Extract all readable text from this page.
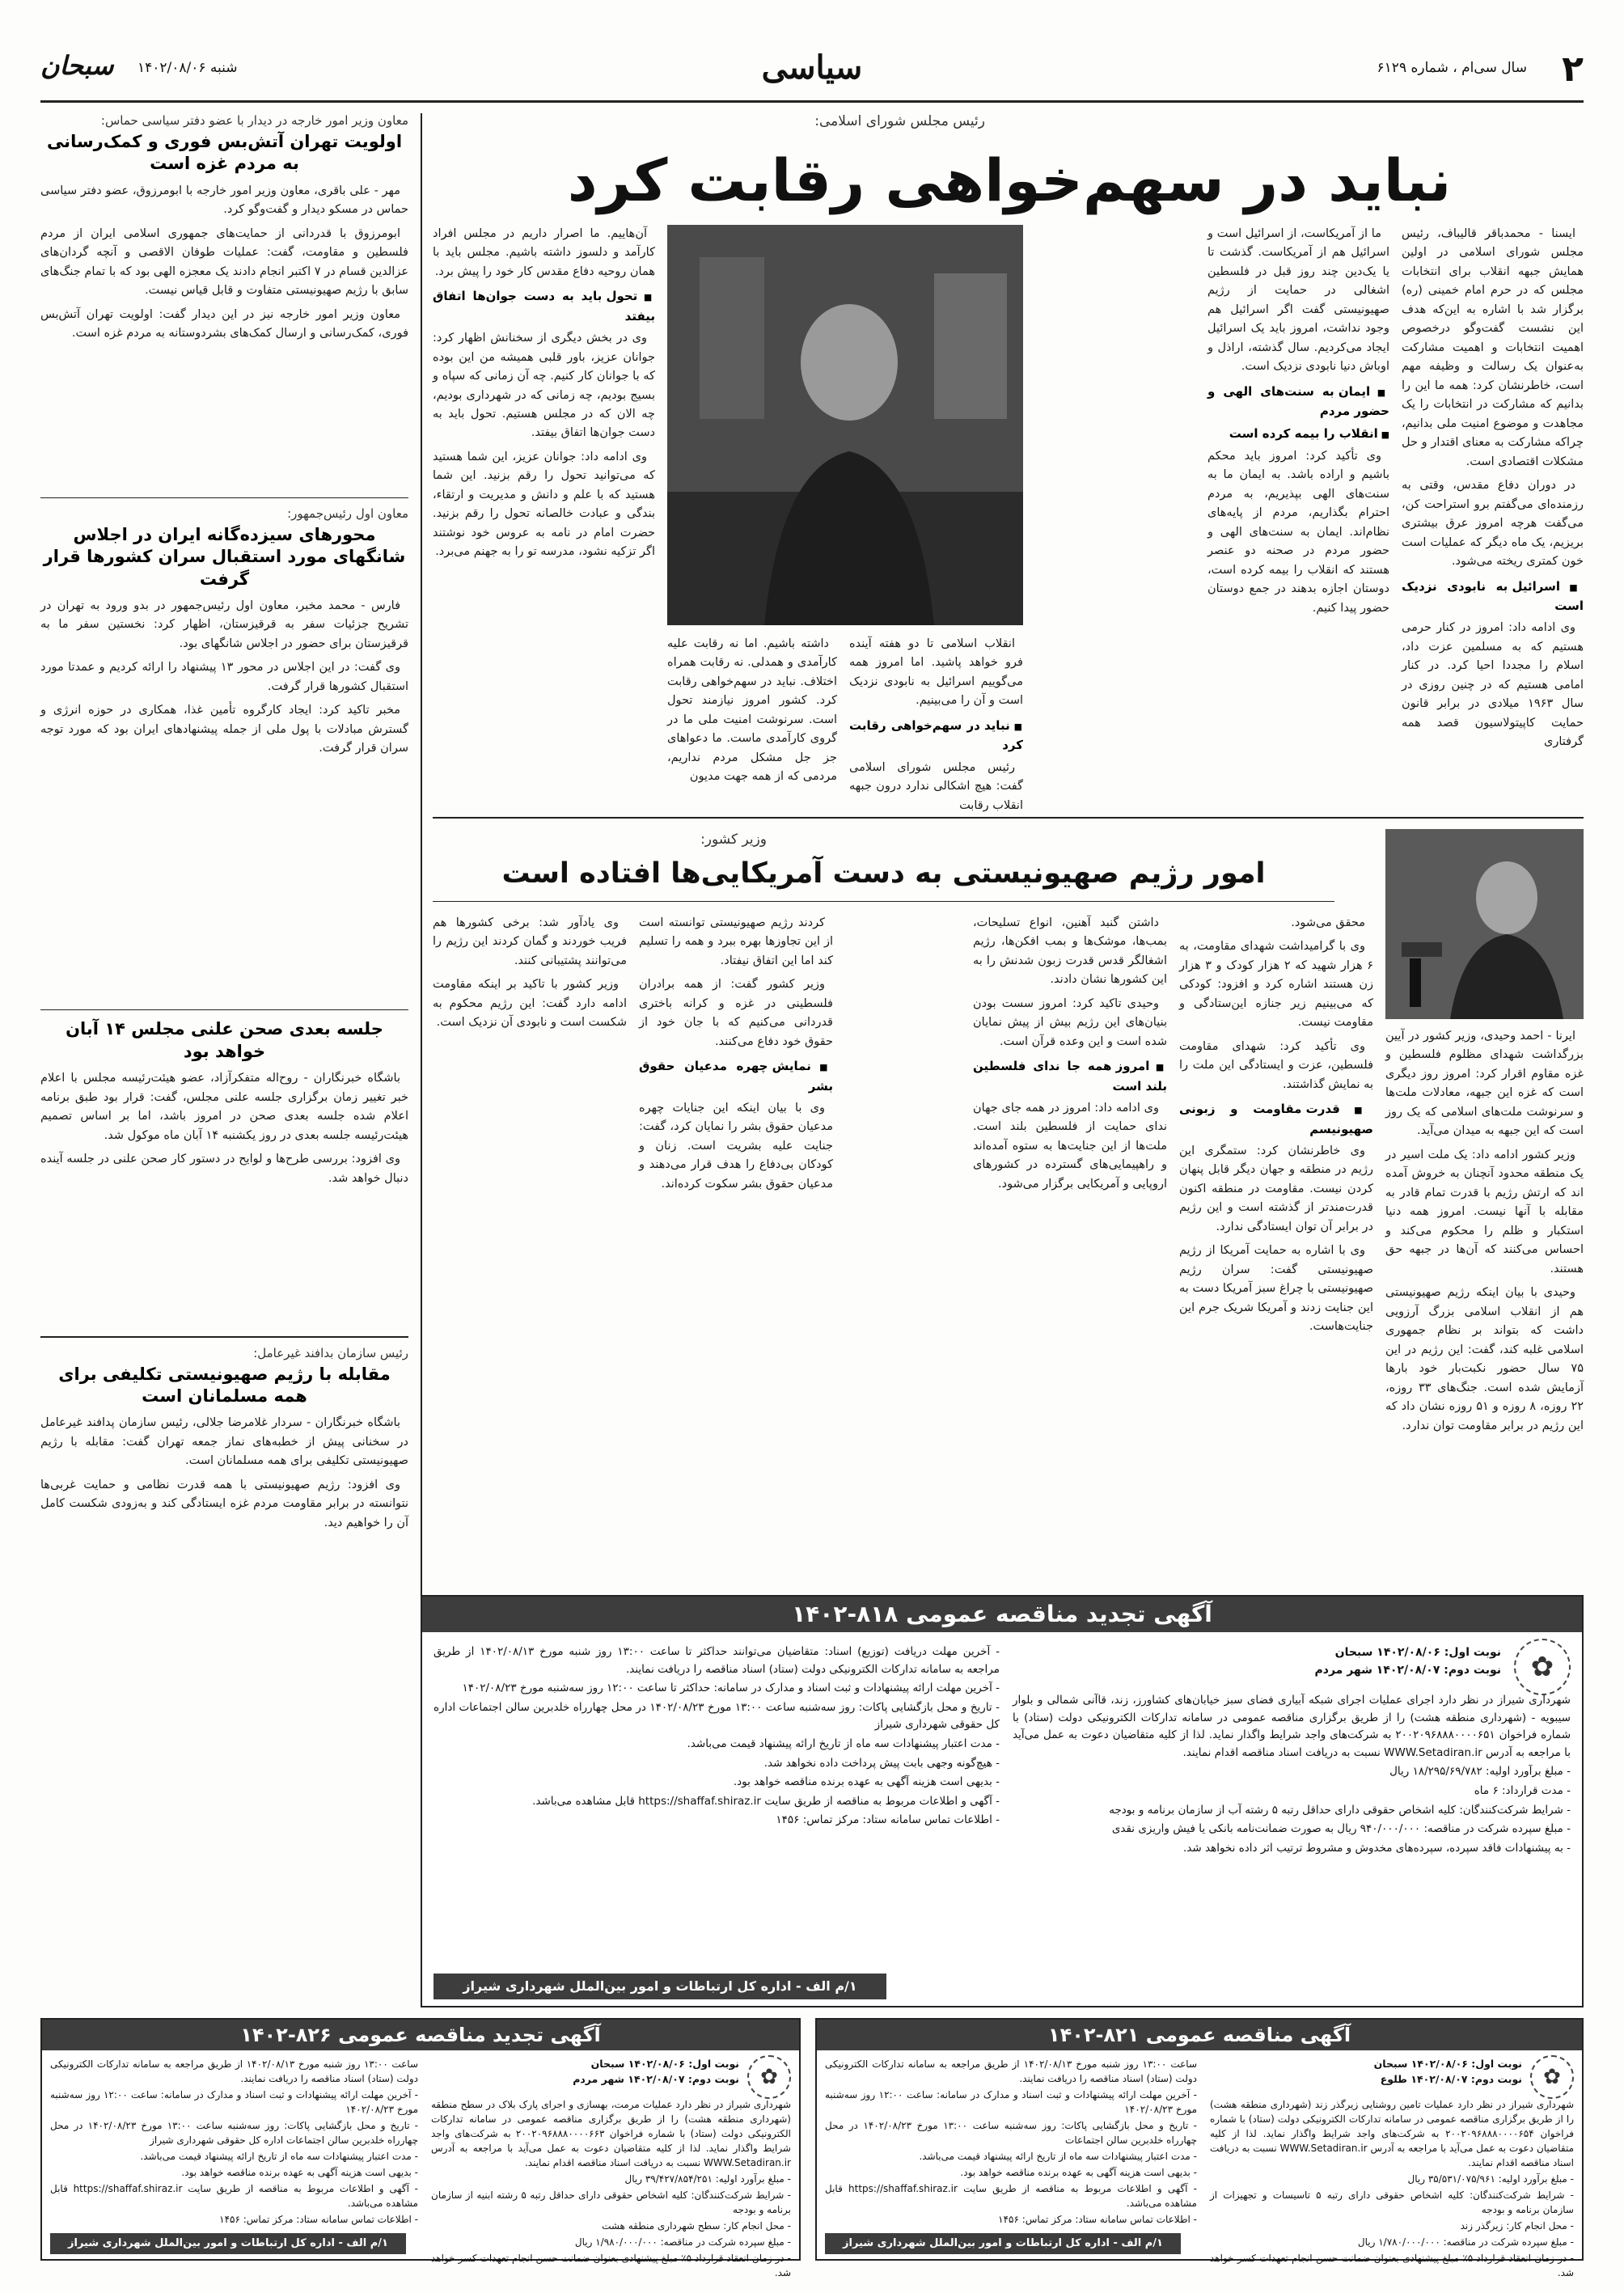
۲
سال سی‌ام ، شماره ۶۱۲۹
سیاسی
شنبه ۱۴۰۲/۰۸/۰۶
سبحان
رئیس مجلس شورای اسلامی:
نباید در سهم‌خواهی رقابت کرد

ایسنا - محمدباقر قالیباف، رئیس مجلس شورای اسلامی در اولین همایش جبهه انقلاب برای انتخابات مجلس که در حرم امام خمینی (ره) برگزار شد با اشاره به این‌که هدف این نشست گفت‌وگو درخصوص اهمیت انتخابات و اهمیت مشارکت به‌عنوان یک رسالت و وظیفه مهم است، خاطرنشان کرد: همه ما این را بدانیم که مشارکت در انتخابات را یک مجاهدت و موضوع امنیت ملی بدانیم، چراکه مشارکت به معنای اقتدار و حل مشکلات اقتصادی است.

در دوران دفاع مقدس، وقتی به رزمنده‌ای می‌گفتم برو استراحت کن، می‌گفت هرچه امروز عرق بیشتری بریزیم، یک ماه دیگر که عملیات است خون کمتری ریخته می‌شود.

■ اسرائیل به نابودی نزدیک است

وی ادامه داد: امروز در کنار حرمی هستیم که به مسلمین عزت داد، اسلام را مجددا احیا کرد. در کنار امامی هستیم که در چنین روزی در سال ۱۹۶۳ میلادی در برابر قانون حمایت کاپیتولاسیون قصد همه گرفتاری

ما از آمریکاست، از اسرائیل است و اسرائیل هم از آمریکاست. گذشت تا یا یک‌دین چند روز قبل در فلسطین اشغالی در حمایت از رژیم صهیونیستی گفت اگر اسرائیل هم وجود نداشت، امروز باید یک اسرائیل ایجاد می‌کردیم. سال گذشته، اراذل و اوباش دنیا نابودی نزدیک است.

■ ایمان به سنت‌های الهی و حضور مردم
■ انقلاب را بیمه کرده است

وی تأکید کرد: امروز باید محکم باشیم و اراده باشد. به ایمان ما به سنت‌های الهی بپذیریم، به مردم احترام بگذاریم، مردم از پایه‌های نظام‌اند. ایمان به سنت‌های الهی و حضور مردم در صحنه دو عنصر هستند که انقلاب را بیمه کرده است، دوستان اجازه بدهند در جمع دوستان حضور پیدا کنیم.

آن‌هاییم. ما اصرار داریم در مجلس افراد کارآمد و دلسوز داشته باشیم. مجلس باید با همان روحیه دفاع مقدس کار خود را پیش برد.

■ تحول باید به دست جوان‌ها اتفاق بیفتد

وی در بخش دیگری از سخنانش اظهار کرد: جوانان عزیز، باور قلبی همیشه من این بوده که با جوانان کار کنیم. چه آن زمانی که سپاه و بسیج بودیم، چه زمانی که در شهرداری بودیم، چه الان که در مجلس هستیم. تحول باید به دست جوان‌ها اتفاق بیفتد.

وی ادامه داد: جوانان عزیز، این شما هستید که می‌توانید تحول را رقم بزنید. این شما هستید که با علم و دانش و مدیریت و ارتقاء، بندگی و عبادت خالصانه تحول را رقم بزنید. حضرت امام در نامه به عروس خود نوشتند اگر تزکیه نشود، مدرسه تو را به جهنم می‌برد.

داشته باشیم. اما نه رقابت علیه کارآمدی و همدلی. نه رقابت همراه اختلاف. نباید در سهم‌خواهی رقابت کرد. کشور امروز نیازمند تحول است. سرنوشت امنیت ملی ما در گروی کارآمدی ماست. ما دعواهای جز جل مشکل مردم نداریم، مردمی که از همه جهت مدیون

انقلاب اسلامی تا دو هفته آینده فرو خواهد پاشید. اما امروز همه می‌گوییم اسرائیل به نابودی نزدیک است و آن را می‌بینیم.

■ نباید در سهم‌خواهی رقابت کرد

رئیس مجلس شورای اسلامی گفت: هیچ اشکالی ندارد درون جبهه انقلاب رقابت

وزیر کشور:
امور رژیم صهیونیستی به دست آمریکایی‌ها افتاده است

ایرنا - احمد وحیدی، وزیر کشور در آیین بزرگداشت شهدای مظلوم فلسطین و غزه مقاوم اقرار کرد: امروز روز دیگری است که غزه این جبهه، معادلات ملت‌ها و سرنوشت ملت‌های اسلامی که یک روز است که این جبهه به میدان می‌آید.

وزیر کشور ادامه داد: یک ملت اسیر در یک منطقه محدود آنچنان به خروش آمده اند که ارتش رژیم با قدرت تمام قادر به مقابله با آنها نیست. امروز همه دنیا استکبار و ظلم را محکوم می‌کند و احساس می‌کنند که آن‌ها در جبهه حق هستند.

وحیدی با بیان اینکه رژیم صهیونیستی هم از انقلاب اسلامی بزرگ آرزویی داشت که بتواند بر نظام جمهوری اسلامی غلبه کند، گفت: این رژیم در این ۷۵ سال حضور نکبت‌بار خود بارها آزمایش شده است. جنگ‌های ۳۳ روزه، ۲۲ روزه، ۸ روزه و ۵۱ روزه نشان داد که این رژیم در برابر مقاومت توان ندارد.

محقق می‌شود.

وی با گرامیداشت شهدای مقاومت، به ۶ هزار شهید که ۲ هزار کودک و ۳ هزار زن هستند اشاره کرد و افزود: کودکی که می‌بینیم زیر جنازه این‌ستادگی و مقاومت نیست.

وی تأکید کرد: شهدای مقاومت فلسطین، عزت و ایستادگی این ملت را به نمایش گذاشتند.

■ قدرت مقاومت و زبونی صهیونیسم

وی خاطرنشان کرد: ستمگری این رژیم در منطقه و جهان دیگر قابل پنهان کردن نیست. مقاومت در منطقه اکنون قدرت‌مندتر از گذشته است و این رژیم در برابر آن توان ایستادگی ندارد.

وی با اشاره به حمایت آمریکا از رژیم صهیونیستی گفت: سران رژیم صهیونیستی با چراغ سبز آمریکا دست به این جنایت زدند و آمریکا شریک جرم این جنایت‌هاست.

داشتن گنبد آهنین، انواع تسلیحات، بمب‌ها، موشک‌ها و بمب افکن‌ها، رژیم اشغالگر قدس قدرت زبون شدنش را به این کشورها نشان دادند.

وحیدی تاکید کرد: امروز سست بودن بنیان‌های این رژیم بیش از پیش نمایان شده است و این وعده قرآن است.

■ امروز همه جا ندای فلسطین بلند است

وی ادامه داد: امروز در همه جای جهان ندای حمایت از فلسطین بلند است. ملت‌ها از این جنایت‌ها به ستوه آمده‌اند و راهپیمایی‌های گسترده در کشورهای اروپایی و آمریکایی برگزار می‌شود.

کردند رژیم صهیونیستی توانسته است از این تجاوزها بهره ببرد و همه را تسلیم کند اما این اتفاق نیفتاد.

وزیر کشور گفت: از همه برادران فلسطینی در غزه و کرانه باختری قدردانی می‌کنیم که با جان خود از حقوق خود دفاع می‌کنند.

■ نمایش چهره مدعیان حقوق بشر

وی با بیان اینکه این جنایات چهره مدعیان حقوق بشر را نمایان کرد، گفت: جنایت علیه بشریت است. زنان و کودکان بی‌دفاع را هدف قرار می‌دهند و مدعیان حقوق بشر سکوت کرده‌اند.

وی یادآور شد: برخی کشورها هم فریب خوردند و گمان کردند این رژیم را می‌توانند پشتیبانی کنند.

وزیر کشور با تاکید بر اینکه مقاومت ادامه دارد گفت: این رژیم محکوم به شکست است و نابودی آن نزدیک است.

معاون وزیر امور خارجه در دیدار با عضو دفتر سیاسی حماس:
اولویت تهران آتش‌بس فوری و کمک‌رسانی به مردم غزه است

مهر - علی باقری، معاون وزیر امور خارجه با ابومرزوق، عضو دفتر سیاسی حماس در مسکو دیدار و گفت‌وگو کرد.

ابومرزوق با قدردانی از حمایت‌های جمهوری اسلامی ایران از مردم فلسطین و مقاومت، گفت: عملیات طوفان الاقصی و آنچه گردان‌های عزالدین قسام در ۷ اکتبر انجام دادند یک معجزه الهی بود که با تمام جنگ‌های سابق با رژیم صهیونیستی متفاوت و قابل قیاس نیست.

معاون وزیر امور خارجه نیز در این دیدار گفت: اولویت تهران آتش‌بس فوری، کمک‌رسانی و ارسال کمک‌های بشردوستانه به مردم غزه است.

معاون اول رئیس‌جمهور:
محورهای سیزده‌گانه ایران در اجلاس شانگهای مورد استقبال سران کشورها قرار گرفت

فارس - محمد مخبر، معاون اول رئیس‌جمهور در بدو ورود به تهران در تشریح جزئیات سفر به قرقیزستان، اظهار کرد: نخستین سفر ما به قرقیزستان برای حضور در اجلاس شانگهای بود.

وی گفت: در این اجلاس در محور ۱۳ پیشنهاد را ارائه کردیم و عمدتا مورد استقبال کشورها قرار گرفت.

مخبر تاکید کرد: ایجاد کارگروه تأمین غذا، همکاری در حوزه انرژی و گسترش مبادلات با پول ملی از جمله پیشنهادهای ایران بود که مورد توجه سران قرار گرفت.

جلسه بعدی صحن علنی مجلس ۱۴ آبان خواهد بود

باشگاه خبرنگاران - روح‌اله متفکرآزاد، عضو هیئت‌رئیسه مجلس با اعلام خبر تغییر زمان برگزاری جلسه علنی مجلس، گفت: قرار بود طبق برنامه اعلام شده جلسه بعدی صحن در امروز باشد، اما بر اساس تصمیم هیئت‌رئیسه جلسه بعدی در روز یکشنبه ۱۴ آبان ماه موکول شد.

وی افزود: بررسی طرح‌ها و لوایح در دستور کار صحن علنی در جلسه آینده دنبال خواهد شد.

رئیس سازمان بدافند غیرعامل:
مقابله با رژیم صهیونیستی تکلیفی برای همه مسلمانان است

باشگاه خبرنگاران - سردار غلامرضا جلالی، رئیس سازمان پدافند غیرعامل در سخنانی پیش از خطبه‌های نماز جمعه تهران گفت: مقابله با رژیم صهیونیستی تکلیفی برای همه مسلمانان است.

وی افزود: رژیم صهیونیستی با همه قدرت نظامی و حمایت غربی‌ها نتوانسته در برابر مقاومت مردم غزه ایستادگی کند و به‌زودی شکست کامل آن را خواهیم دید.

آگهی تجدید مناقصه عمومی ۸۱۸-۱۴۰۲
✿
نوبت اول: ۱۴۰۲/۰۸/۰۶ سبحان
نوبت دوم: ۱۴۰۲/۰۸/۰۷ شهر مردم

شهرداری شیراز در نظر دارد اجرای عملیات اجرای شبکه آبیاری فضای سبز خیابان‌های کشاورز، زند، قاآنی شمالی و بلوار سیبویه - (شهرداری منطقه هشت) را از طریق برگزاری مناقصه عمومی در سامانه تدارکات الکترونیکی دولت (ستاد) با شماره فراخوان ۲۰۰۲۰۹۶۸۸۸۰۰۰۰۶۵۱ به شرکت‌های واجد شرایط واگذار نماید. لذا از کلیه متقاضیان دعوت به عمل می‌آید با مراجعه به آدرس WWW.Setadiran.ir نسبت به دریافت اسناد مناقصه اقدام نمایند.

- مبلغ برآورد اولیه: ۱۸/۲۹۵/۶۹/۷۸۲ ریال

- مدت قرارداد: ۶ ماه

- شرایط شرکت‌کنندگان: کلیه اشخاص حقوقی دارای حداقل رتبه ۵ رشته آب از سازمان برنامه و بودجه

- مبلغ سپرده شرکت در مناقصه: ۹۴۰/۰۰۰/۰۰۰ ریال به صورت ضمانت‌نامه بانکی یا فیش واریزی نقدی

- به پیشنهادات فاقد سپرده، سپرده‌های مخدوش و مشروط ترتیب اثر داده نخواهد شد.

- آخرین مهلت دریافت (توزیع) اسناد: متقاضیان می‌توانند حداکثر تا ساعت ۱۳:۰۰ روز شنبه مورخ ۱۴۰۲/۰۸/۱۳ از طریق مراجعه به سامانه تدارکات الکترونیکی دولت (ستاد) اسناد مناقصه را دریافت نمایند.

- آخرین مهلت ارائه پیشنهادات و ثبت اسناد و مدارک در سامانه: حداکثر تا ساعت ۱۲:۰۰ روز سه‌شنبه مورخ ۱۴۰۲/۰۸/۲۳

- تاریخ و محل بازگشایی پاکات: روز سه‌شنبه ساعت ۱۳:۰۰ مورخ ۱۴۰۲/۰۸/۲۳ در محل چهارراه خلدبرین سالن اجتماعات اداره کل حقوقی شهرداری شیراز

- مدت اعتبار پیشنهادات سه ماه از تاریخ ارائه پیشنهاد قیمت می‌باشد.

- هیچ‌گونه وجهی بابت پیش پرداخت داده نخواهد شد.

- بدیهی است هزینه آگهی به عهده برنده مناقصه خواهد بود.

- آگهی و اطلاعات مربوط به مناقصه از طریق سایت https://shaffaf.shiraz.ir قابل مشاهده می‌باشد.

- اطلاعات تماس سامانه ستاد: مرکز تماس: ۱۴۵۶

۱/م الف - اداره کل ارتباطات و امور بین‌الملل شهرداری شیراز
آگهی مناقصه عمومی ۸۲۱-۱۴۰۲
✿
نوبت اول: ۱۴۰۲/۰۸/۰۶ سبحان
نوبت دوم: ۱۴۰۲/۰۸/۰۷ طلوع

شهرداری شیراز در نظر دارد عملیات تامین روشنایی زیرگذر زند (شهرداری منطقه هشت) را از طریق برگزاری مناقصه عمومی در سامانه تدارکات الکترونیکی دولت (ستاد) با شماره فراخوان ۲۰۰۲۰۹۶۸۸۸۰۰۰۰۶۵۴ به شرکت‌های واجد شرایط واگذار نماید. لذا از کلیه متقاضیان دعوت به عمل می‌آید با مراجعه به آدرس WWW.Setadiran.ir نسبت به دریافت اسناد مناقصه اقدام نمایند.

- مبلغ برآورد اولیه: ۳۵/۵۳۱/۰۷۵/۹۶۱ ریال

- شرایط شرکت‌کنندگان: کلیه اشخاص حقوقی دارای رتبه ۵ تاسیسات و تجهیزات از سازمان برنامه و بودجه

- محل انجام کار: زیرگذر زند

- مبلغ سپرده شرکت در مناقصه: ۱/۷۸۰/۰۰۰/۰۰۰ ریال

- در زمان انعقاد قرارداد ۵٪ مبلغ پیشنهادی بعنوان ضمانت حسن انجام تعهدات کسر خواهد شد.

ساعت ۱۳:۰۰ روز شنبه مورخ ۱۴۰۲/۰۸/۱۳ از طریق مراجعه به سامانه تدارکات الکترونیکی دولت (ستاد) اسناد مناقصه را دریافت نمایند.

- آخرین مهلت ارائه پیشنهادات و ثبت اسناد و مدارک در سامانه: ساعت ۱۲:۰۰ روز سه‌شنبه مورخ ۱۴۰۲/۰۸/۲۳

- تاریخ و محل بازگشایی پاکات: روز سه‌شنبه ساعت ۱۳:۰۰ مورخ ۱۴۰۲/۰۸/۲۳ در محل چهارراه خلدبرین سالن اجتماعات

- مدت اعتبار پیشنهادات سه ماه از تاریخ ارائه پیشنهاد قیمت می‌باشد.

- بدیهی است هزینه آگهی به عهده برنده مناقصه خواهد بود.

- آگهی و اطلاعات مربوط به مناقصه از طریق سایت https://shaffaf.shiraz.ir قابل مشاهده می‌باشد.

- اطلاعات تماس سامانه ستاد: مرکز تماس: ۱۴۵۶

۱/م الف - اداره کل ارتباطات و امور بین‌الملل شهرداری شیراز
آگهی تجدید مناقصه عمومی ۸۲۶-۱۴۰۲
✿
نوبت اول: ۱۴۰۲/۰۸/۰۶ سبحان
نوبت دوم: ۱۴۰۲/۰۸/۰۷ شهر مردم

شهرداری شیراز در نظر دارد عملیات مرمت، بهسازی و اجرای پارک بلاک در سطح منطقه (شهرداری منطقه هشت) را از طریق برگزاری مناقصه عمومی در سامانه تدارکات الکترونیکی دولت (ستاد) با شماره فراخوان ۲۰۰۲۰۹۶۸۸۸۰۰۰۰۶۶۳ به شرکت‌های واجد شرایط واگذار نماید. لذا از کلیه متقاضیان دعوت به عمل می‌آید با مراجعه به آدرس WWW.Setadiran.ir نسبت به دریافت اسناد مناقصه اقدام نمایند.

- مبلغ برآورد اولیه: ۳۹/۴۲۷/۸۵۴/۲۵۱ ریال

- شرایط شرکت‌کنندگان: کلیه اشخاص حقوقی دارای حداقل رتبه ۵ رشته ابنیه از سازمان برنامه و بودجه

- محل انجام کار: سطح شهرداری منطقه هشت

- مبلغ سپرده شرکت در مناقصه: ۱/۹۸۰/۰۰۰/۰۰۰ ریال

- در زمان انعقاد قرارداد ۵٪ مبلغ پیشنهادی بعنوان ضمانت حسن انجام تعهدات کسر خواهد شد.

ساعت ۱۳:۰۰ روز شنبه مورخ ۱۴۰۲/۰۸/۱۳ از طریق مراجعه به سامانه تدارکات الکترونیکی دولت (ستاد) اسناد مناقصه را دریافت نمایند.

- آخرین مهلت ارائه پیشنهادات و ثبت اسناد و مدارک در سامانه: ساعت ۱۲:۰۰ روز سه‌شنبه مورخ ۱۴۰۲/۰۸/۲۳

- تاریخ و محل بازگشایی پاکات: روز سه‌شنبه ساعت ۱۳:۰۰ مورخ ۱۴۰۲/۰۸/۲۳ در محل چهارراه خلدبرین سالن اجتماعات اداره کل حقوقی شهرداری شیراز

- مدت اعتبار پیشنهادات سه ماه از تاریخ ارائه پیشنهاد قیمت می‌باشد.

- بدیهی است هزینه آگهی به عهده برنده مناقصه خواهد بود.

- آگهی و اطلاعات مربوط به مناقصه از طریق سایت https://shaffaf.shiraz.ir قابل مشاهده می‌باشد.

- اطلاعات تماس سامانه ستاد: مرکز تماس: ۱۴۵۶

۱/م الف - اداره کل ارتباطات و امور بین‌الملل شهرداری شیراز
